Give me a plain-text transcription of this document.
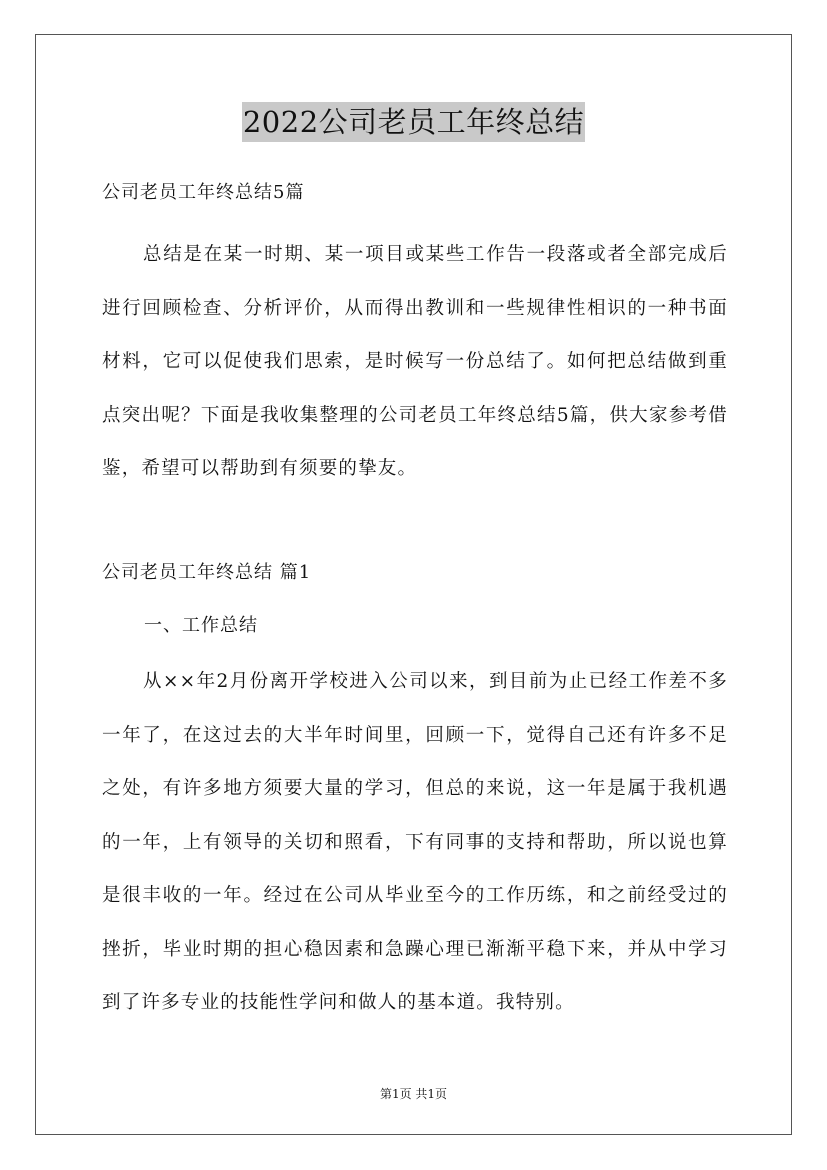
2022公司老员工年终总结
公司老员工年终总结5篇

总结是在某一时期、某一项目或某些工作告一段落或者全部完成后进行回顾检查、分析评价，从而得出教训和一些规律性相识的一种书面材料，它可以促使我们思索，是时候写一份总结了。如何把总结做到重点突出呢？下面是我收集整理的公司老员工年终总结5篇，供大家参考借鉴，希望可以帮助到有须要的挚友。

公司老员工年终总结 篇1
一、工作总结

从××年2月份离开学校进入公司以来，到目前为止已经工作差不多一年了，在这过去的大半年时间里，回顾一下，觉得自己还有许多不足之处，有许多地方须要大量的学习，但总的来说，这一年是属于我机遇的一年，上有领导的关切和照看，下有同事的支持和帮助，所以说也算是很丰收的一年。经过在公司从毕业至今的工作历练，和之前经受过的挫折，毕业时期的担心稳因素和急躁心理已渐渐平稳下来，并从中学习到了许多专业的技能性学问和做人的基本道。我特别。

第1页 共1页
